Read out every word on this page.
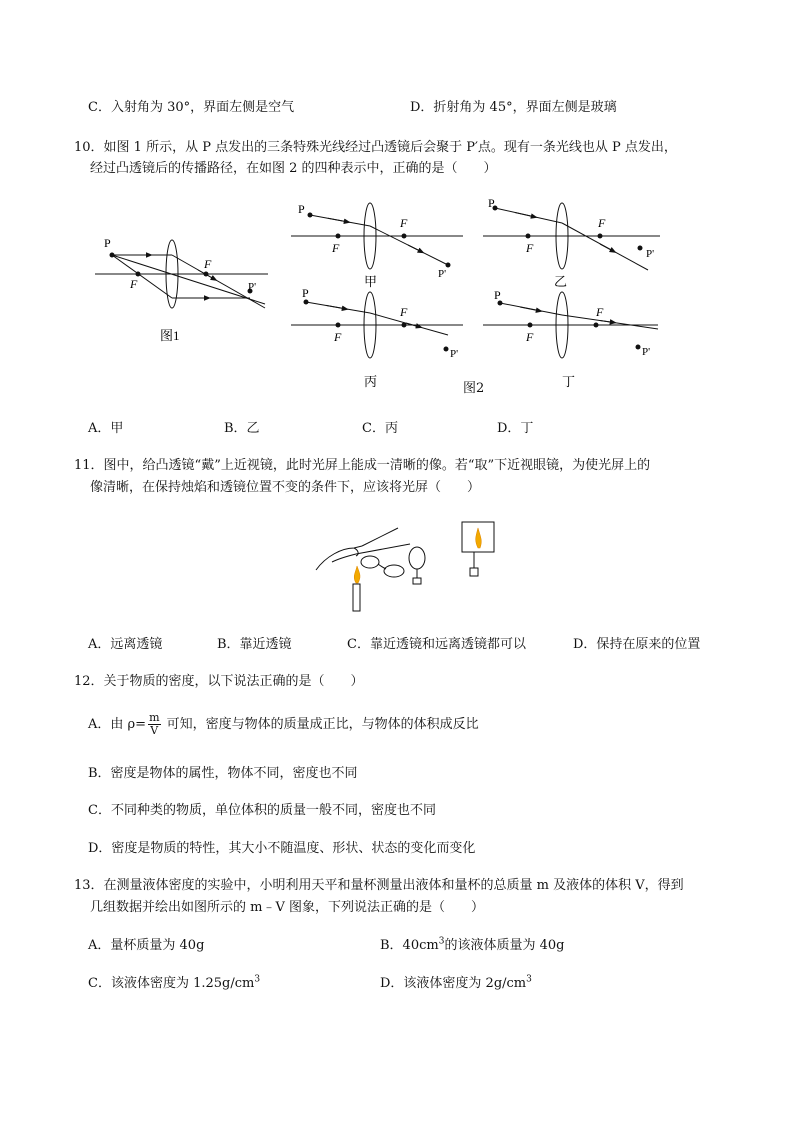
C．入射角为 30°，界面左侧是空气	D．折射角为 45°，界面左侧是玻璃
10．如图 1 所示，从 P 点发出的三条特殊光线经过凸透镜后会聚于 P′点。现有一条光线也从 P 点发出，
经过凸透镜后的传播路径，在如图 2 的四种表示中，正确的是（　　）
P
F
F
P'
图1
P
F
F
P'
甲
P
F
F
P'
乙
P
F
F
P'
丙
P
F
F
P'
丁
图2
A．甲	B．乙	C．丙	D．丁
11．图中，给凸透镜“戴”上近视镜，此时光屏上能成一清晰的像。若“取”下近视眼镜，为使光屏上的
像清晰，在保持烛焰和透镜位置不变的条件下，应该将光屏（　　）
A．远离透镜	B．靠近透镜	C．靠近透镜和远离透镜都可以	D．保持在原来的位置
12．关于物质的密度，以下说法正确的是（　　）
A．由 $\rho= \frac{m}{V}$ 可知，密度与物体的质量成正比，与物体的体积成反比
B．密度是物体的属性，物体不同，密度也不同
C．不同种类的物质，单位体积的质量一般不同，密度也不同
D．密度是物质的特性，其大小不随温度、形状、状态的变化而变化
13．在测量液体密度的实验中，小明利用天平和量杯测量出液体和量杯的总质量 m 及液体的体积 V，得到
几组数据并绘出如图所示的 m﹣V 图象，下列说法正确的是（　　）
A．量杯质量为 40g	B．$40cm^3$的该液体质量为 40g
C．该液体密度为 $1.25g/cm^3$	D．该液体密度为 $2g/cm^3$
